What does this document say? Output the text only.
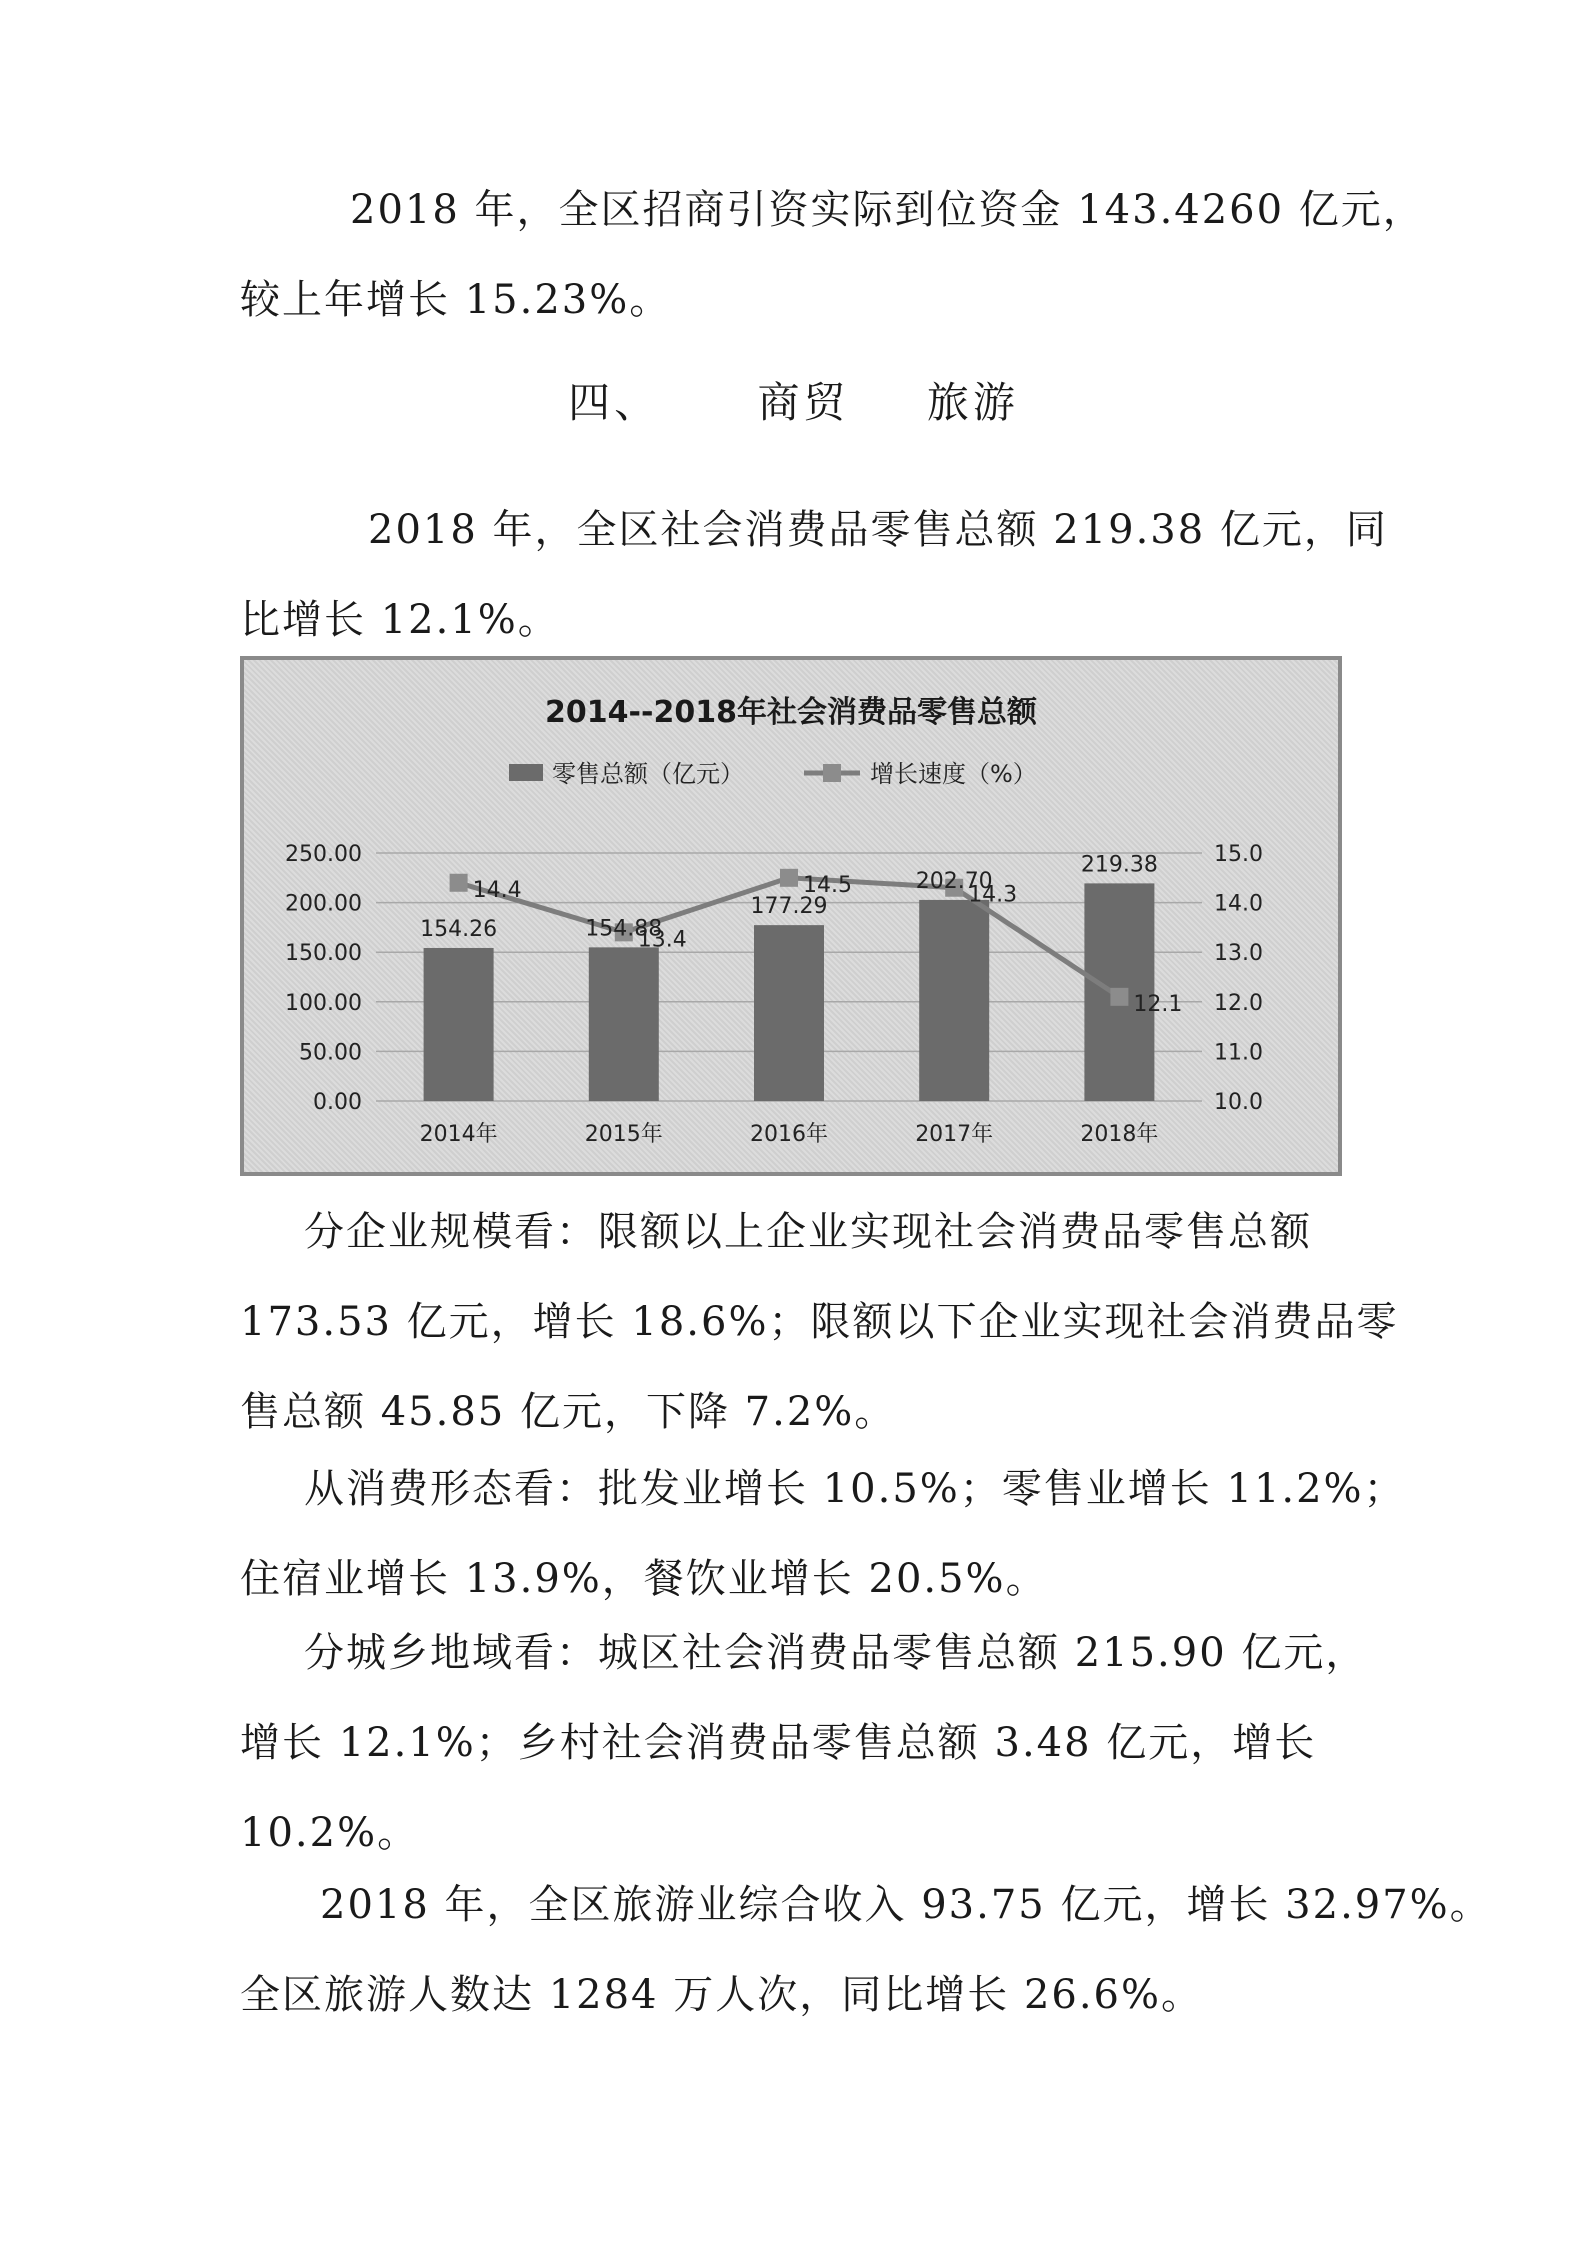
2018 年，全区招商引资实际到位资金 143.4260 亿元，
较上年增长 15.23%。
四、 商贸 旅游
2018 年，全区社会消费品零售总额 219.38 亿元，同
比增长 12.1%。
2014--2018年社会消费品零售总额
零售总额（亿元）	增长速度（%）
154.26	154.88
177.29
202.70
219.38
14.4
13.4
14.5	14.3
12.1
0.00
50.00
100.00
150.00
200.00
250.00
10.0
11.0
12.0
13.0
14.0
15.0
2014年	2015年	2016年	2017年	2018年
分企业规模看：限额以上企业实现社会消费品零售总额
173.53 亿元，增长 18.6%；限额以下企业实现社会消费品零
售总额 45.85 亿元，下降 7.2%。
从消费形态看：批发业增长 10.5%；零售业增长 11.2%；
住宿业增长 13.9%，餐饮业增长 20.5%。
分城乡地域看：城区社会消费品零售总额 215.90 亿元，
增长 12.1%；乡村社会消费品零售总额 3.48 亿元，增长
10.2%。
2018 年，全区旅游业综合收入 93.75 亿元，增长 32.97%。
全区旅游人数达 1284 万人次，同比增长 26.6%。
